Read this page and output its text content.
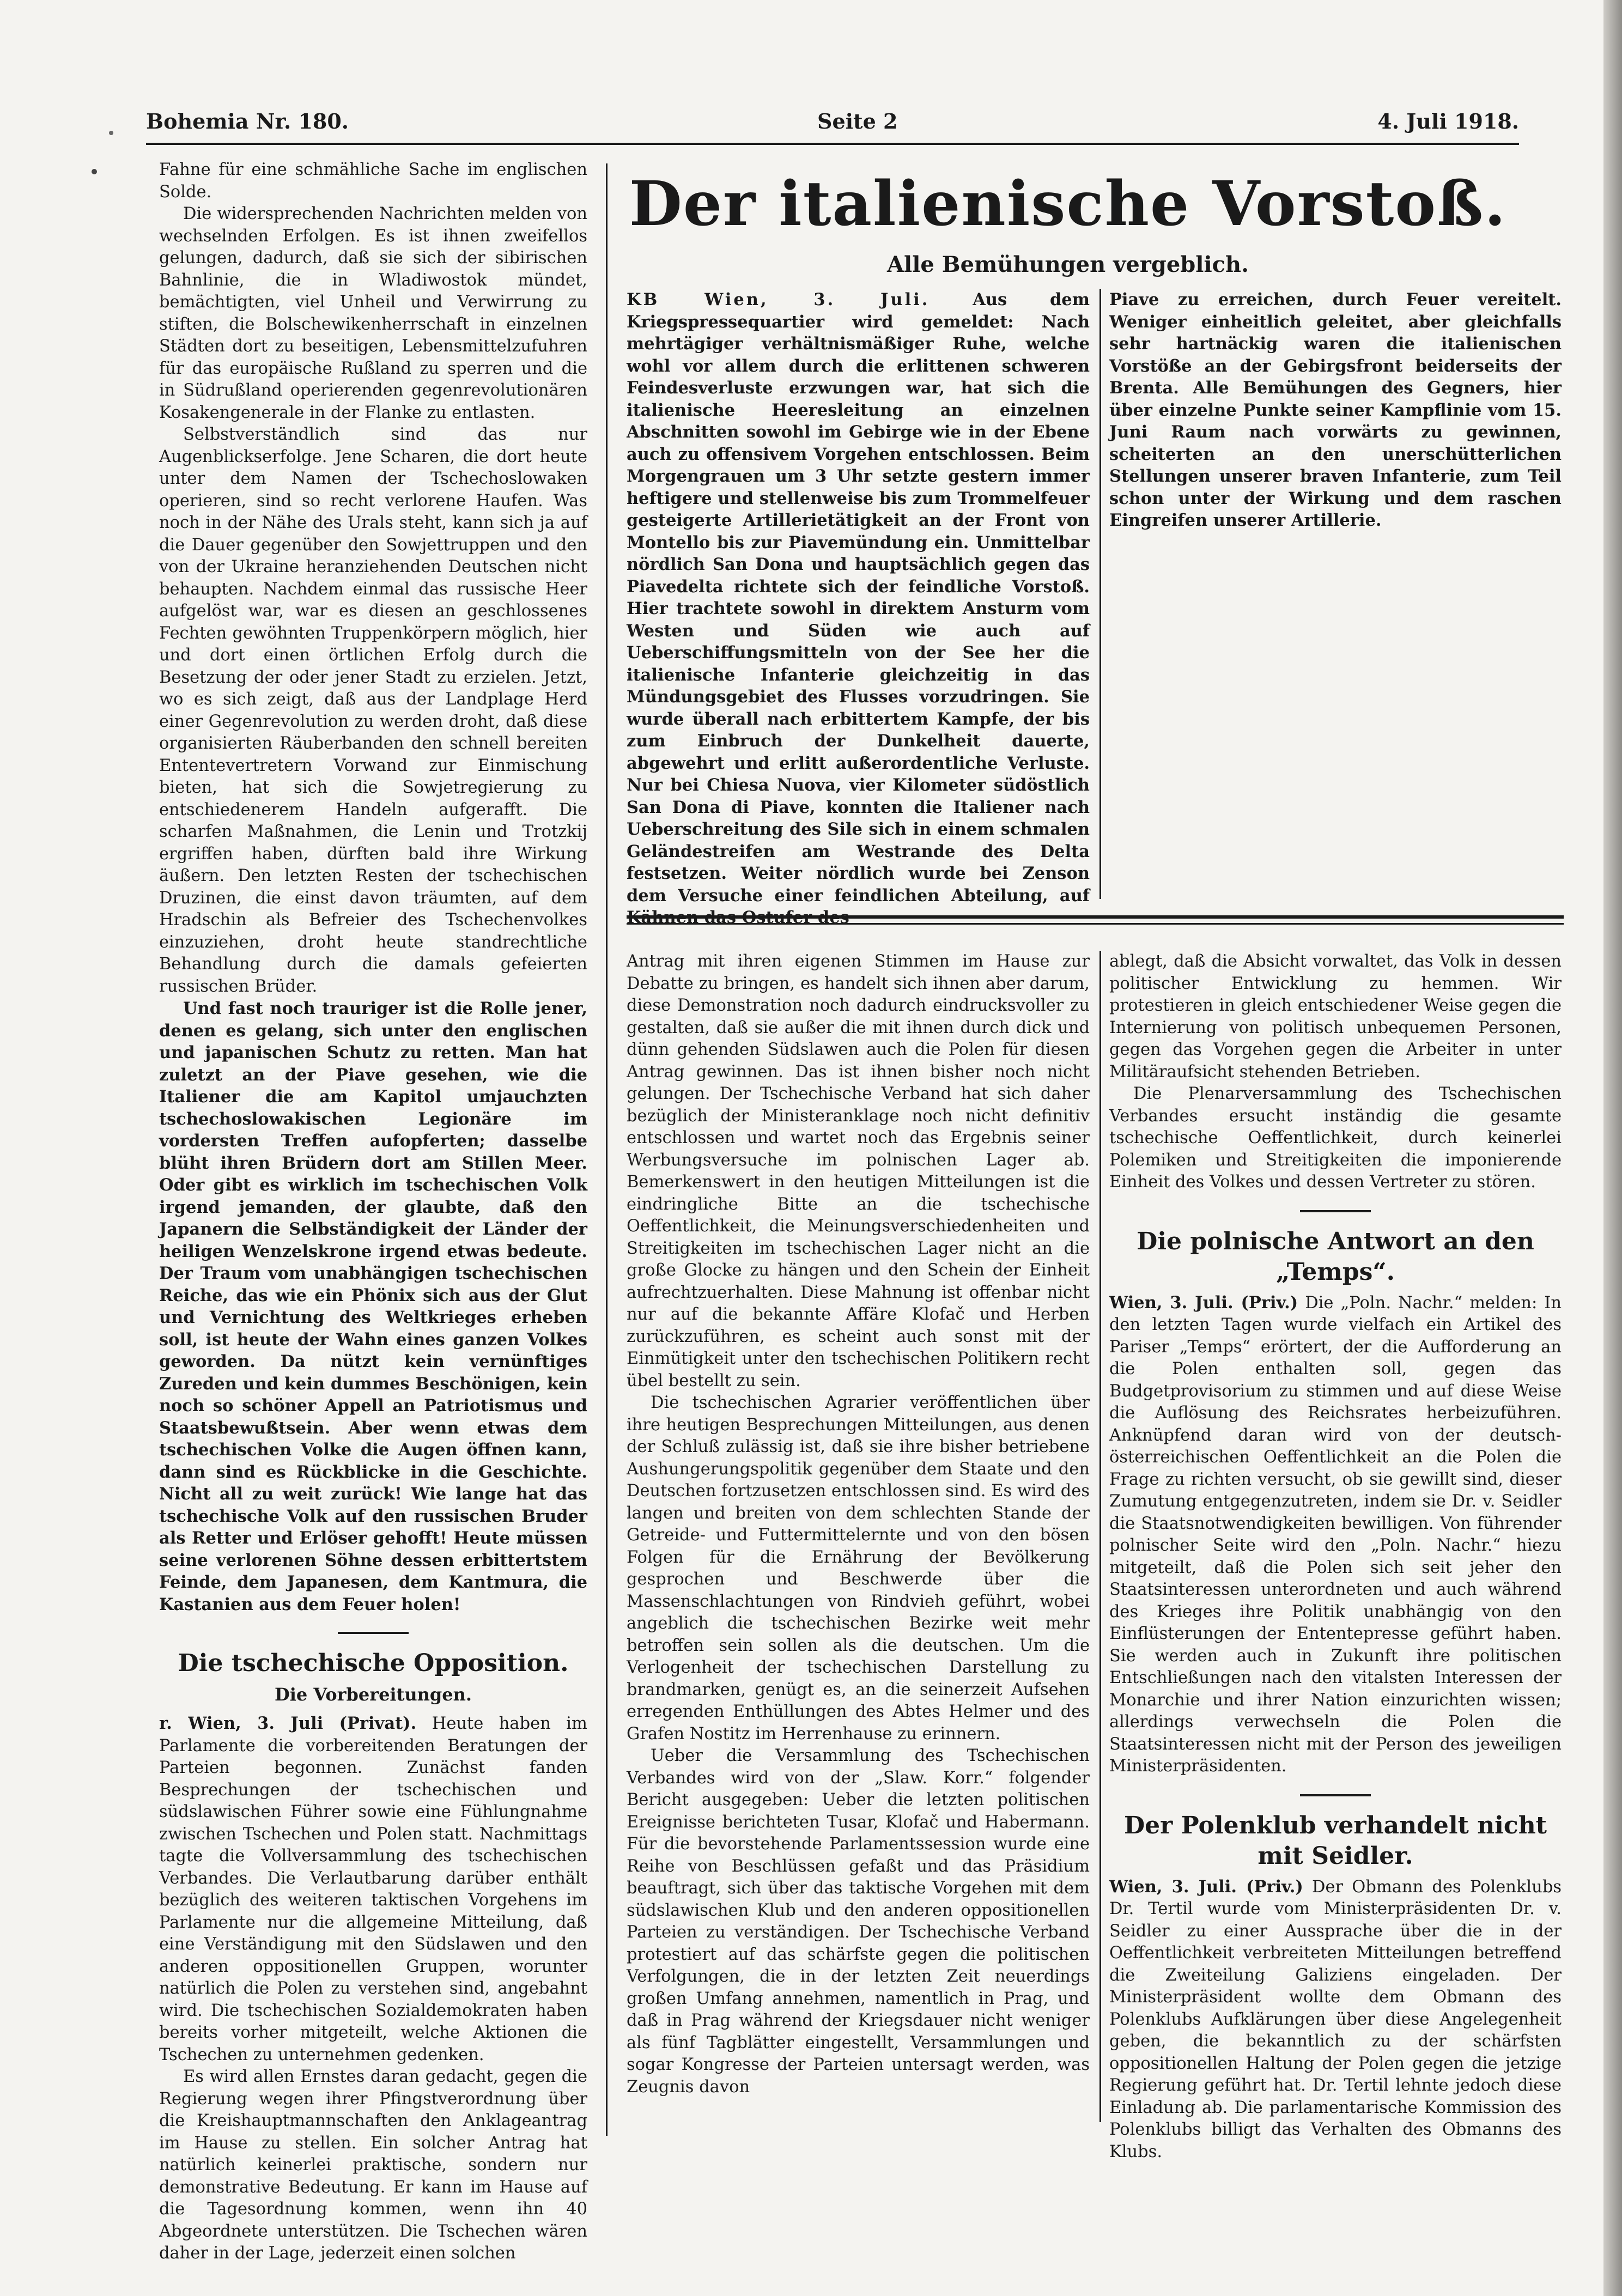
Bohemia Nr. 180.	Seite 2	4. Juli 1918.

Fahne für eine schmähliche Sache im englischen Solde.

Die widersprechenden Nachrichten melden von wechselnden Erfolgen. Es ist ihnen zweifellos gelungen, dadurch, daß sie sich der sibirischen Bahnlinie, die in Wladiwostok mündet, bemächtigten, viel Unheil und Verwirrung zu stiften, die Bolschewikenherrschaft in einzelnen Städten dort zu beseitigen, Lebensmittelzufuhren für das europäische Rußland zu sperren und die in Südrußland operierenden gegenrevolutionären Kosakengenerale in der Flanke zu entlasten.

Selbstverständlich sind das nur Augenblickserfolge. Jene Scharen, die dort heute unter dem Namen der Tschechoslowaken operieren, sind so recht verlorene Haufen. Was noch in der Nähe des Urals steht, kann sich ja auf die Dauer gegenüber den Sowjettruppen und den von der Ukraine heranziehenden Deutschen nicht behaupten. Nachdem einmal das russische Heer aufgelöst war, war es diesen an geschlossenes Fechten gewöhnten Truppenkörpern möglich, hier und dort einen örtlichen Erfolg durch die Besetzung der oder jener Stadt zu erzielen. Jetzt, wo es sich zeigt, daß aus der Landplage Herd einer Gegenrevolution zu werden droht, daß diese organisierten Räuberbanden den schnell bereiten Ententevertretern Vorwand zur Einmischung bieten, hat sich die Sowjetregierung zu entschiedenerem Handeln aufgerafft. Die scharfen Maßnahmen, die Lenin und Trotzkij ergriffen haben, dürften bald ihre Wirkung äußern. Den letzten Resten der tschechischen Druzinen, die einst davon träumten, auf dem Hradschin als Befreier des Tschechenvolkes einzuziehen, droht heute standrechtliche Behandlung durch die damals gefeierten russischen Brüder.

Und fast noch trauriger ist die Rolle jener, denen es gelang, sich unter den englischen und japanischen Schutz zu retten. Man hat zuletzt an der Piave gesehen, wie die Italiener die am Kapitol umjauchzten tschechoslowakischen Legionäre im vordersten Treffen aufopferten; dasselbe blüht ihren Brüdern dort am Stillen Meer. Oder gibt es wirklich im tschechischen Volk irgend jemanden, der glaubte, daß den Japanern die Selbständigkeit der Länder der heiligen Wenzelskrone irgend etwas bedeute. Der Traum vom unabhängigen tschechischen Reiche, das wie ein Phönix sich aus der Glut und Vernichtung des Weltkrieges erheben soll, ist heute der Wahn eines ganzen Volkes geworden. Da nützt kein vernünftiges Zureden und kein dummes Beschönigen, kein noch so schöner Appell an Patriotismus und Staatsbewußtsein. Aber wenn etwas dem tschechischen Volke die Augen öffnen kann, dann sind es Rückblicke in die Geschichte. Nicht all zu weit zurück! Wie lange hat das tschechische Volk auf den russischen Bruder als Retter und Erlöser gehofft! Heute müssen seine verlorenen Söhne dessen erbittertstem Feinde, dem Japanesen, dem Kantmura, die Kastanien aus dem Feuer holen!

Die tschechische Opposition.
Die Vorbereitungen.

r. Wien, 3. Juli (Privat). Heute haben im Parlamente die vorbereitenden Beratungen der Parteien begonnen. Zunächst fanden Besprechungen der tschechischen und südslawischen Führer sowie eine Fühlungnahme zwischen Tschechen und Polen statt. Nachmittags tagte die Vollversammlung des tschechischen Verbandes. Die Verlautbarung darüber enthält bezüglich des weiteren taktischen Vorgehens im Parlamente nur die allgemeine Mitteilung, daß eine Verständigung mit den Südslawen und den anderen oppositionellen Gruppen, worunter natürlich die Polen zu verstehen sind, angebahnt wird. Die tschechischen Sozialdemokraten haben bereits vorher mitgeteilt, welche Aktionen die Tschechen zu unternehmen gedenken.

Es wird allen Ernstes daran gedacht, gegen die Regierung wegen ihrer Pfingstverordnung über die Kreishauptmannschaften den Anklageantrag im Hause zu stellen. Ein solcher Antrag hat natürlich keinerlei praktische, sondern nur demonstrative Bedeutung. Er kann im Hause auf die Tagesordnung kommen, wenn ihn 40 Abgeordnete unterstützen. Die Tschechen wären daher in der Lage, jederzeit einen solchen

Der italienische Vorstoß.
Alle Bemühungen vergeblich.

KB Wien, 3. Juli.	Aus dem Kriegspressequartier wird gemeldet: Nach mehrtägiger verhältnismäßiger Ruhe, welche wohl vor allem durch die erlittenen schweren Feindesverluste erzwungen war, hat sich die italienische Heeresleitung an einzelnen Abschnitten sowohl im Gebirge wie in der Ebene auch zu offensivem Vorgehen entschlossen. Beim Morgengrauen um 3 Uhr setzte gestern immer heftigere und stellenweise bis zum Trommelfeuer gesteigerte Artillerietätigkeit an der Front von Montello bis zur Piavemündung ein. Unmittelbar nördlich San Dona und hauptsächlich gegen das Piavedelta richtete sich der feindliche Vorstoß. Hier trachtete sowohl in direktem Ansturm vom Westen und Süden wie auch auf Ueberschiffungsmitteln von der See her die italienische Infanterie gleichzeitig in das Mündungsgebiet des Flusses vorzudringen. Sie wurde überall nach erbittertem Kampfe, der bis zum Einbruch der Dunkelheit dauerte, abgewehrt und erlitt außerordentliche Verluste. Nur bei Chiesa Nuova, vier Kilometer südöstlich San Dona di Piave, konnten die Italiener nach Ueberschreitung des Sile sich in einem schmalen Geländestreifen am Westrande des Delta festsetzen. Weiter nördlich wurde bei Zenson dem Versuche einer feindlichen Abteilung, auf

Piave zu erreichen, durch Feuer vereitelt. Weniger einheitlich geleitet, aber gleichfalls sehr hartnäckig waren die italienischen Vorstöße an der Gebirgsfront beiderseits der Brenta. Alle Bemühungen des Gegners, hier über einzelne Punkte seiner Kampflinie vom 15. Juni Raum nach vorwärts zu gewinnen, scheiterten an den unerschütterlichen Stellungen unserer braven Infanterie, zum Teil schon unter der Wirkung und dem raschen Eingreifen unserer Artillerie.

Antrag mit ihren eigenen Stimmen im Hause zur Debatte zu bringen, es handelt sich ihnen aber darum, diese Demonstration noch dadurch eindrucksvoller zu gestalten, daß sie außer die mit ihnen durch dick und dünn gehenden Südslawen auch die Polen für diesen Antrag gewinnen. Das ist ihnen bisher noch nicht gelungen. Der Tschechische Verband hat sich daher bezüglich der Ministeranklage noch nicht definitiv entschlossen und wartet noch das Ergebnis seiner Werbungsversuche im polnischen Lager ab. Bemerkenswert in den heutigen Mitteilungen ist die eindringliche Bitte an die tschechische Oeffentlichkeit, die Meinungsverschiedenheiten und Streitigkeiten im tschechischen Lager nicht an die große Glocke zu hängen und den Schein der Einheit aufrechtzuerhalten. Diese Mahnung ist offenbar nicht nur auf die bekannte Affäre Klofač und Herben zurückzuführen, es scheint auch sonst mit der Einmütigkeit unter den tschechischen Politikern recht übel bestellt zu sein.

Die tschechischen Agrarier veröffentlichen über ihre heutigen Besprechungen Mitteilungen, aus denen der Schluß zulässig ist, daß sie ihre bisher betriebene Aushungerungspolitik gegenüber dem Staate und den Deutschen fortzusetzen entschlossen sind. Es wird des langen und breiten von dem schlechten Stande der Getreide- und Futtermittelernte und von den bösen Folgen für die Ernährung der Bevölkerung gesprochen und Beschwerde über die Massenschlachtungen von Rindvieh geführt, wobei angeblich die tschechischen Bezirke weit mehr betroffen sein sollen als die deutschen. Um die Verlogenheit der tschechischen Darstellung zu brandmarken, genügt es, an die seinerzeit Aufsehen erregenden Enthüllungen des Abtes Helmer und des Grafen Nostitz im Herrenhause zu erinnern.

Ueber die Versammlung des Tschechischen Verbandes wird von der „Slaw. Korr.“ folgender Bericht ausgegeben: Ueber die letzten politischen Ereignisse berichteten Tusar, Klofač und Habermann. Für die bevorstehende Parlamentssession wurde eine Reihe von Beschlüssen gefaßt und das Präsidium beauftragt, sich über das taktische Vorgehen mit dem südslawischen Klub und den anderen oppositionellen Parteien zu verständigen. Der Tschechische Verband protestiert auf das schärfste gegen die politischen Verfolgungen, die in der letzten Zeit neuerdings großen Umfang annehmen, namentlich in Prag, und daß in Prag während der Kriegsdauer nicht weniger als fünf Tagblätter eingestellt, Versammlungen und sogar Kongresse der Parteien untersagt werden, was Zeugnis davon

ablegt, daß die Absicht vorwaltet, das Volk in dessen politischer Entwicklung zu hemmen. Wir protestieren in gleich entschiedener Weise gegen die Internierung von politisch unbequemen Personen, gegen das Vorgehen gegen die Arbeiter in unter Militäraufsicht stehenden Betrieben.

Die Plenarversammlung des Tschechischen Verbandes ersucht inständig die gesamte tschechische Oeffentlichkeit, durch keinerlei Polemiken und Streitigkeiten die imponierende Einheit des Volkes und dessen Vertreter zu stören.

Die polnische Antwort an den „Temps“.

Wien, 3. Juli. (Priv.) Die „Poln. Nachr.“ melden: In den letzten Tagen wurde vielfach ein Artikel des Pariser „Temps“ erörtert, der die Aufforderung an die Polen enthalten soll, gegen das Budgetprovisorium zu stimmen und auf diese Weise die Auflösung des Reichsrates herbeizuführen. Anknüpfend daran wird von der deutsch-österreichischen Oeffentlichkeit an die Polen die Frage zu richten versucht, ob sie gewillt sind, dieser Zumutung entgegenzutreten, indem sie Dr. v. Seidler die Staatsnotwendigkeiten bewilligen. Von führender polnischer Seite wird den „Poln. Nachr.“ hiezu mitgeteilt, daß die Polen sich seit jeher den Staatsinteressen unterordneten und auch während des Krieges ihre Politik unabhängig von den Einflüsterungen der Ententepresse geführt haben. Sie werden auch in Zukunft ihre politischen Entschließungen nach den vitalsten Interessen der Monarchie und ihrer Nation einzurichten wissen; allerdings verwechseln die Polen die Staatsinteressen nicht mit der Person des jeweiligen Ministerpräsidenten.

Der Polenklub verhandelt nicht mit Seidler.

Wien, 3. Juli. (Priv.) Der Obmann des Polenklubs Dr. Tertil wurde vom Ministerpräsidenten Dr. v. Seidler zu einer Aussprache über die in der Oeffentlichkeit verbreiteten Mitteilungen betreffend die Zweiteilung Galiziens eingeladen. Der Ministerpräsident wollte dem Obmann des Polenklubs Aufklärungen über diese Angelegenheit geben, die bekanntlich zu der schärfsten oppositionellen Haltung der Polen gegen die jetzige Regierung geführt hat. Dr. Tertil lehnte jedoch diese Einladung ab. Die parlamentarische Kommission des Polenklubs billigt das Verhalten des Obmanns des Klubs.
